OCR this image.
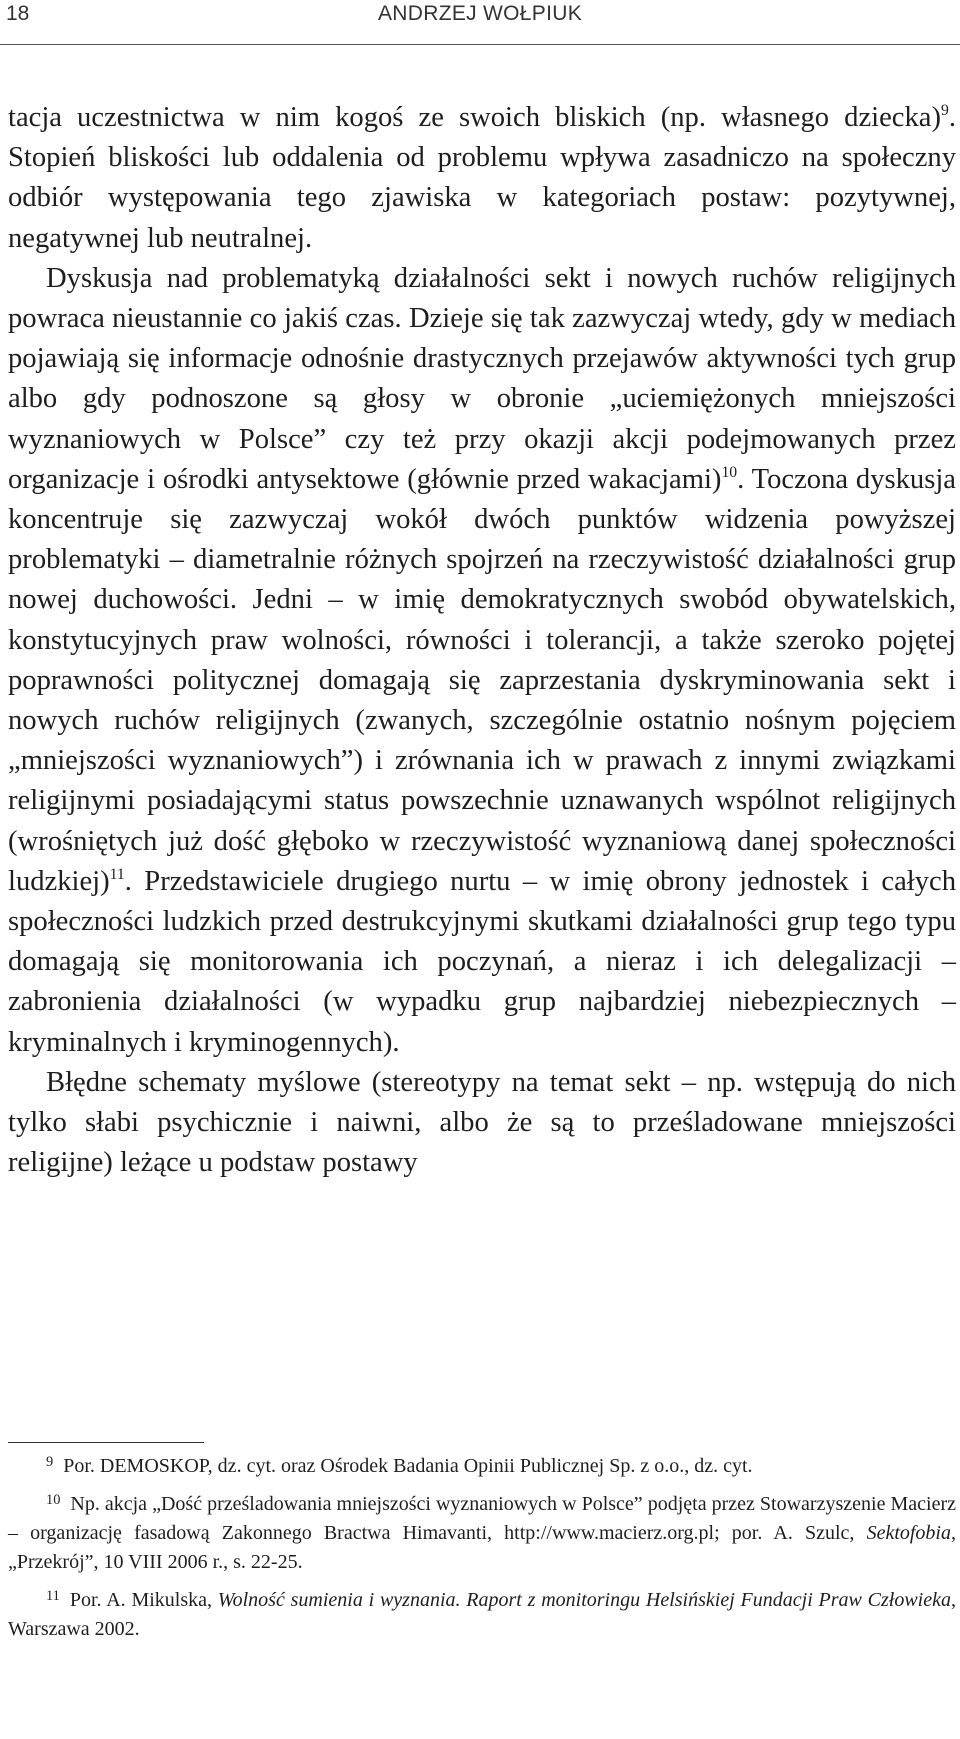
18	ANDRZEJ WOŁPIUK

tacja uczestnictwa w nim kogoś ze swoich bliskich (np. własnego dziecka)$^9$. Stopień bliskości lub oddalenia od problemu wpływa zasadniczo na społeczny odbiór występowania tego zjawiska w kategoriach postaw: pozytywnej, negatywnej lub neutralnej.

Dyskusja nad problematyką działalności sekt i nowych ruchów religijnych powraca nieustannie co jakiś czas. Dzieje się tak zazwyczaj wtedy, gdy w mediach pojawiają się informacje odnośnie drastycznych przejawów aktywności tych grup albo gdy podnoszone są głosy w obronie „uciemiężonych mniejszości wyznaniowych w Polsce” czy też przy okazji akcji podejmowanych przez organizacje i ośrodki antysektowe (głównie przed wakacjami)$^{10}$. Toczona dyskusja koncentruje się zazwyczaj wokół dwóch punktów widzenia powyższej problematyki – diametralnie różnych spojrzeń na rzeczywistość działalności grup nowej duchowości. Jedni – w imię demokratycznych swobód obywatelskich, konstytucyjnych praw wolności, równości i tolerancji, a także szeroko pojętej poprawności politycznej domagają się zaprzestania dyskryminowania sekt i nowych ruchów religijnych (zwanych, szczególnie ostatnio nośnym pojęciem „mniejszości wyznaniowych”) i zrównania ich w prawach z innymi związkami religijnymi posiadającymi status powszechnie uznawanych wspólnot religijnych (wrośniętych już dość głęboko w rzeczywistość wyznaniową danej społeczności ludzkiej)$^{11}$. Przedstawiciele drugiego nurtu – w imię obrony jednostek i całych społeczności ludzkich przed destrukcyjnymi skutkami działalności grup tego typu domagają się monitorowania ich poczynań, a nieraz i ich delegalizacji – zabronienia działalności (w wypadku grup najbardziej niebezpiecznych – kryminalnych i kryminogennych).

Błędne schematy myślowe (stereotypy na temat sekt – np. wstępują do nich tylko słabi psychicznie i naiwni, albo że są to prześladowane mniejszości religijne) leżące u podstaw postawy

$^9$ Por. DEMOSKOP, dz. cyt. oraz Ośrodek Badania Opinii Publicznej Sp. z o.o., dz. cyt.

$^{10}$ Np. akcja „Dość prześladowania mniejszości wyznaniowych w Polsce” podjęta przez Stowarzyszenie Macierz – organizację fasadową Zakonnego Bractwa Himavanti, http://www.macierz.org.pl; por. A. Szulc, Sektofobia, „Przekrój”, 10 VIII 2006 r., s. 22-25.

$^{11}$ Por. A. Mikulska, Wolność sumienia i wyznania. Raport z monitoringu Helsińskiej Fundacji Praw Człowieka, Warszawa 2002.
